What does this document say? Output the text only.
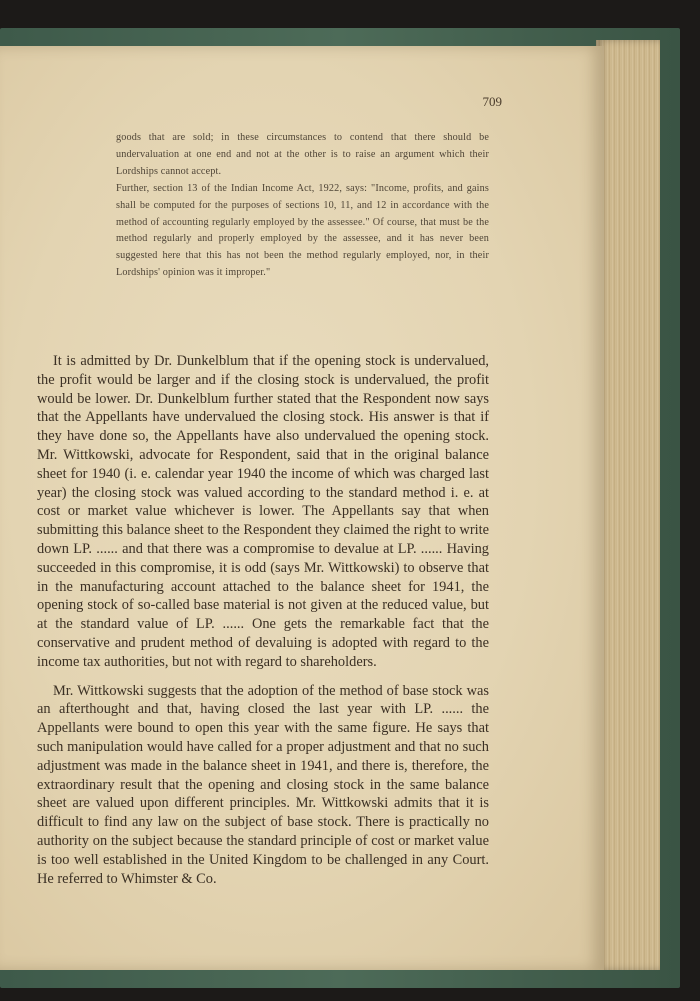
709

goods that are sold; in these circumstances to contend that there should be undervaluation at one end and not at the other is to raise an argument which their Lordships cannot accept.

Further, section 13 of the Indian Income Act, 1922, says: "Income, profits, and gains shall be computed for the purposes of sections 10, 11, and 12 in accordance with the method of accounting regularly employed by the assessee." Of course, that must be the method regularly and properly employed by the assessee, and it has never been suggested here that this has not been the method regularly employed, nor, in their Lordships' opinion was it improper."

It is admitted by Dr. Dunkelblum that if the opening stock is undervalued, the profit would be larger and if the closing stock is undervalued, the profit would be lower. Dr. Dunkelblum further stated that the Respondent now says that the Appellants have undervalued the closing stock. His answer is that if they have done so, the Appellants have also undervalued the opening stock. Mr. Wittkowski, advocate for Respondent, said that in the original balance sheet for 1940 (i. e. calendar year 1940 the income of which was charged last year) the closing stock was valued according to the standard method i. e. at cost or market value whichever is lower. The Appellants say that when submitting this balance sheet to the Respondent they claimed the right to write down LP. ...... and that there was a compromise to devalue at LP. ...... Having succeeded in this compromise, it is odd (says Mr. Wittkowski) to observe that in the manufacturing account attached to the balance sheet for 1941, the opening stock of so-called base material is not given at the reduced value, but at the standard value of LP. ...... One gets the remarkable fact that the conservative and prudent method of devaluing is adopted with regard to the income tax authorities, but not with regard to shareholders.

Mr. Wittkowski suggests that the adoption of the method of base stock was an afterthought and that, having closed the last year with LP. ...... the Appellants were bound to open this year with the same figure. He says that such manipulation would have called for a proper adjustment and that no such adjustment was made in the balance sheet in 1941, and there is, therefore, the extraordinary result that the opening and closing stock in the same balance sheet are valued upon different principles. Mr. Wittkowski admits that it is difficult to find any law on the subject of base stock. There is practically no authority on the subject because the standard principle of cost or market value is too well established in the United Kingdom to be challenged in any Court. He referred to Whimster & Co.
